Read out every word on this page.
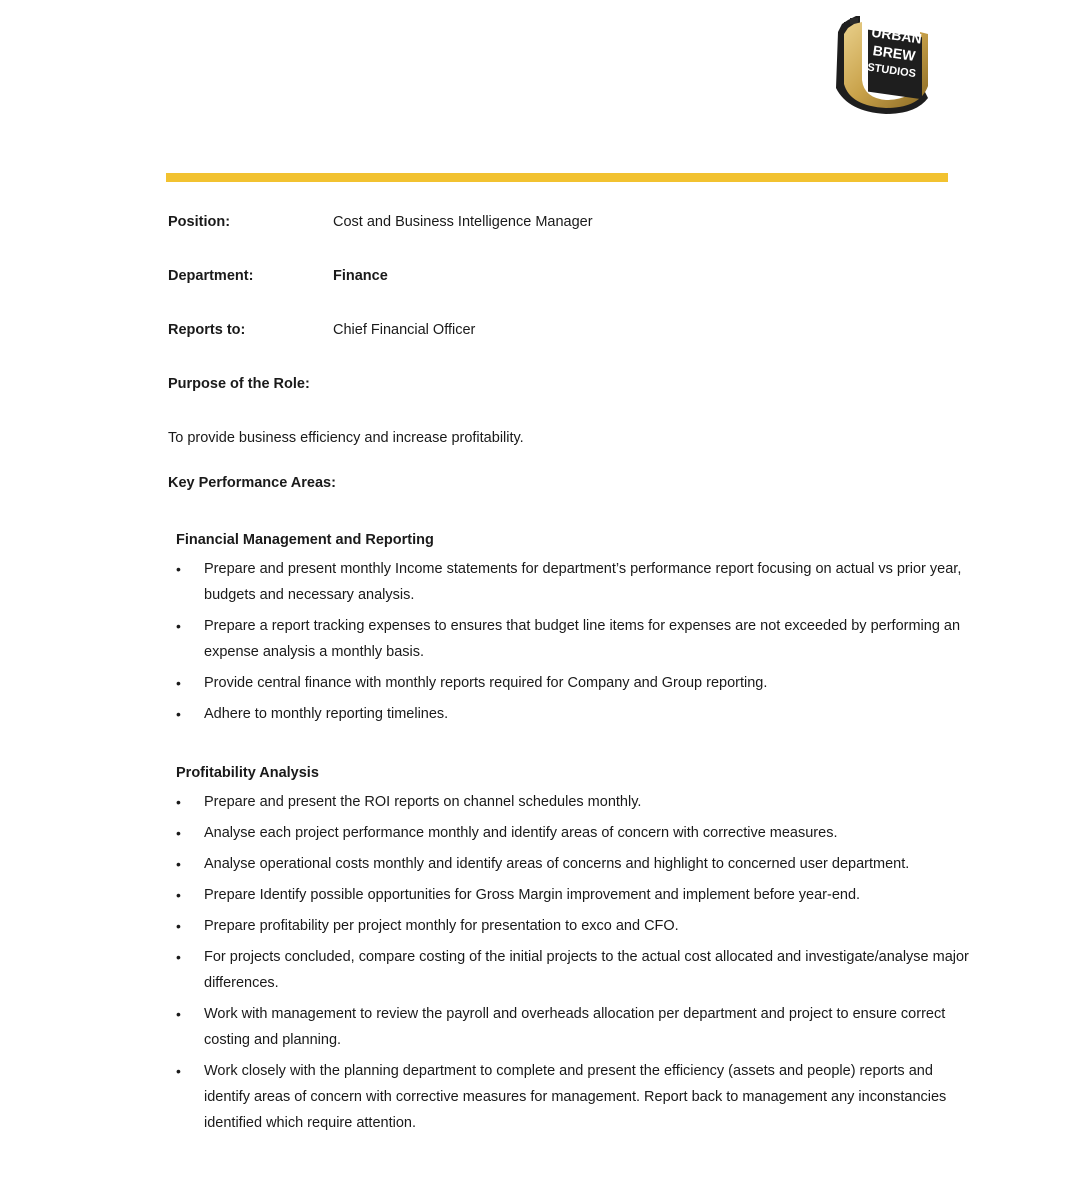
URBAN
BREW
STUDIOS
Position:	Cost and Business Intelligence Manager
Department:	Finance
Reports to:	Chief Financial Officer
Purpose of the Role:
To provide business efficiency and increase profitability.
Key Performance Areas:
Financial Management and Reporting
• Prepare and present monthly Income statements for department’s performance report focusing on actual vs prior year, budgets and necessary analysis.
• Prepare a report tracking expenses to ensures that budget line items for expenses are not exceeded by performing an expense analysis a monthly basis.
• Provide central finance with monthly reports required for Company and Group reporting.
• Adhere to monthly reporting timelines.
Profitability Analysis
• Prepare and present the ROI reports on channel schedules monthly.
• Analyse each project performance monthly and identify areas of concern with corrective measures.
• Analyse operational costs monthly and identify areas of concerns and highlight to concerned user department.
• Prepare Identify possible opportunities for Gross Margin improvement and implement before year-end.
• Prepare profitability per project monthly for presentation to exco and CFO.
• For projects concluded, compare costing of the initial projects to the actual cost allocated and investigate/analyse major differences.
• Work with management to review the payroll and overheads allocation per department and project to ensure correct costing and planning.
• Work closely with the planning department to complete and present the efficiency (assets and people) reports and identify areas of concern with corrective measures for management. Report back to management any inconstancies identified which require attention.
